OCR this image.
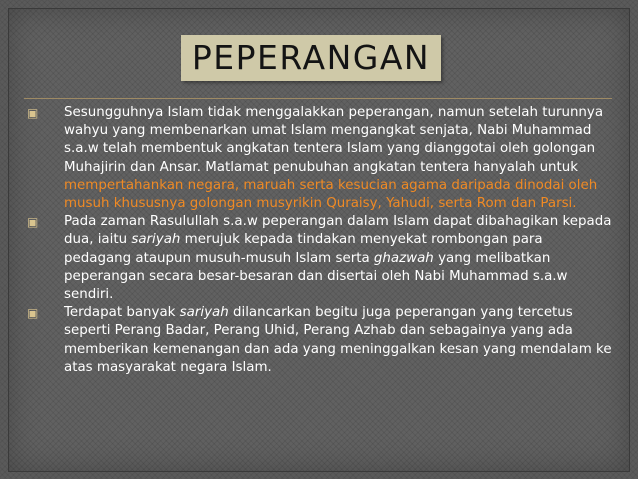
PEPERANGAN
▣ Sesungguhnya Islam tidak menggalakkan peperangan, namun setelah turunnya wahyu yang membenarkan umat Islam mengangkat senjata, Nabi Muhammad s.a.w telah membentuk angkatan tentera Islam yang dianggotai oleh golongan Muhajirin dan Ansar. Matlamat penubuhan angkatan tentera hanyalah untuk mempertahankan negara, maruah serta kesucian agama daripada dinodai oleh musuh khususnya golongan musyrikin Quraisy, Yahudi, serta Rom dan Parsi.
▣ Pada zaman Rasulullah s.a.w peperangan dalam Islam dapat dibahagikan kepada dua, iaitu sariyah merujuk kepada tindakan menyekat rombongan para pedagang ataupun musuh-musuh Islam serta ghazwah yang melibatkan peperangan secara besar-besaran dan disertai oleh Nabi Muhammad s.a.w sendiri.
▣ Terdapat banyak sariyah dilancarkan begitu juga peperangan yang tercetus seperti Perang Badar, Perang Uhid, Perang Azhab dan sebagainya yang ada memberikan kemenangan dan ada yang meninggalkan kesan yang mendalam ke atas masyarakat negara Islam.
